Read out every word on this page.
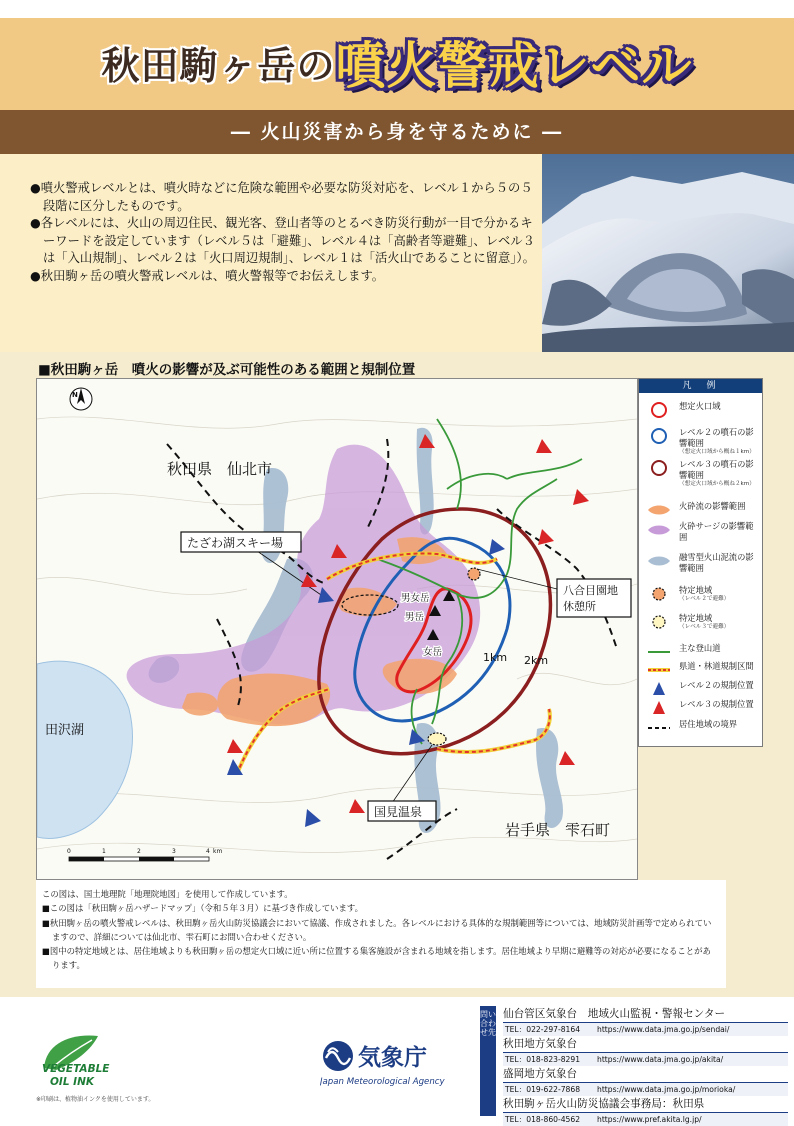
秋田駒ヶ岳の噴火警戒レベル
― 火山災害から身を守るために ―

●噴火警戒レベルとは、噴火時などに危険な範囲や必要な防災対応を、レベル１から５の５段階に区分したものです。

●各レベルには、火山の周辺住民、観光客、登山者等のとるべき防災行動が一目で分かるキーワードを設定しています（レベル５は「避難」、レベル４は「高齢者等避難」、レベル３は「入山規制」、レベル２は「火口周辺規制」、レベル１は「活火山であることに留意」）。

●秋田駒ヶ岳の噴火警戒レベルは、噴火警報等でお伝えします。

■秋田駒ヶ岳　噴火の影響が及ぶ可能性のある範囲と規制位置
0	1	2	3	4 km
N
1km 2km
秋田県　仙北市
岩手県　雫石町
田沢湖
男女岳
男岳
女岳
たざわ湖スキー場
八合目園地
休憩所
国見温泉
凡　例
想定火口域
レベル２の噴石の影響範囲
（想定火口域から概ね１km）
レベル３の噴石の影響範囲
（想定火口域から概ね２km）
火砕流の影響範囲
火砕サージの影響範囲
融雪型火山泥流の影響範囲
特定地域
（レベル２で避難）
特定地域
（レベル３で避難）
主な登山道
県道・林道規制区間
レベル２の規制位置
レベル３の規制位置
居住地域の境界

この図は、国土地理院「地理院地図」を使用して作成しています。

■この図は「秋田駒ヶ岳ハザードマップ」（令和５年３月）に基づき作成しています。

■秋田駒ヶ岳の噴火警戒レベルは、秋田駒ヶ岳火山防災協議会において協議、作成されました。各レベルにおける具体的な規制範囲等については、地域防災計画等で定められていますので、詳細については仙北市、雫石町にお問い合わせください。

■図中の特定地域とは、居住地域よりも秋田駒ヶ岳の想定火口域に近い所に位置する集客施設が含まれる地域を指します。居住地域より早期に避難等の対応が必要になることがあります。

VEGETABLE
OIL INK
※印刷は、植物油インクを使用しています。
気象庁
Japan Meteorological Agency
問い合わせ先
仙台管区気象台　地域火山監視・警報センター
TEL：022-297-8164 https://www.data.jma.go.jp/sendai/
秋田地方気象台
TEL：018-823-8291 https://www.data.jma.go.jp/akita/
盛岡地方気象台
TEL：019-622-7868 https://www.data.jma.go.jp/morioka/
秋田駒ヶ岳火山防災協議会事務局：秋田県
TEL：018-860-4562 https://www.pref.akita.lg.jp/
